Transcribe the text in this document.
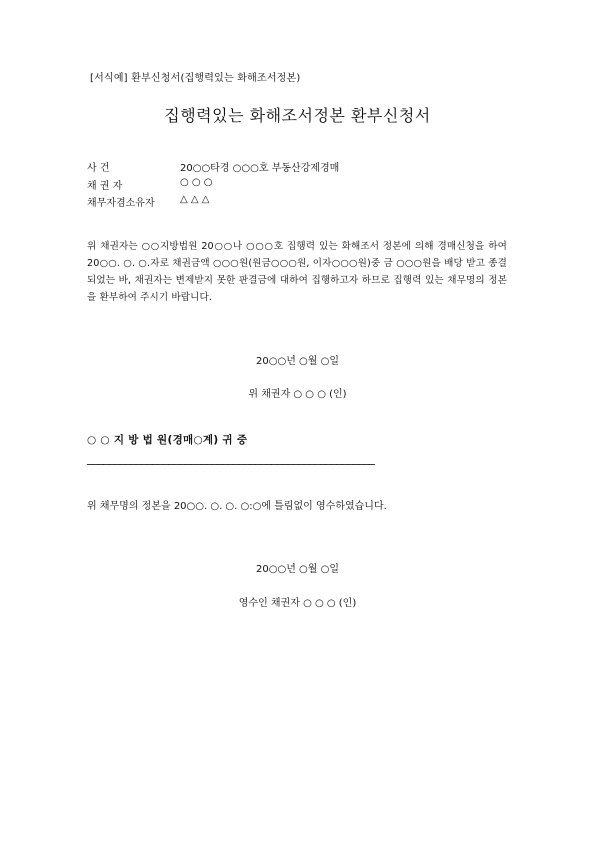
[서식예] 환부신청서(집행력있는 화해조서정본)
집행력있는 화해조서정본 환부신청서
사 건	20○○타경 ○○○호 부동산강제경매
채 권 자	○ ○ ○
채무자겸소유자	△ △ △
위 채권자는 ○○지방법원 20○○나 ○○○호 집행력 있는 화해조서 정본에 의해 경매신청을 하여 20○○. ○. ○.자로 채권금액 ○○○원(원금○○○원, 이자○○○원)중 금 ○○○원을 배당 받고 종결되었는 바, 채권자는 변제받지 못한 판결금에 대하여 집행하고자 하므로 집행력 있는 채무명의 정본을 환부하여 주시기 바랍니다.
20○○년 ○월 ○일
위 채권자 ○ ○ ○ (인)
○ ○ 지 방 법 원(경매○계) 귀 중
─────────────────────────────────────────────────────
위 채무명의 정본을 20○○. ○. ○. ○:○에 틀림없이 영수하였습니다.
20○○년 ○월 ○일
영수인 채권자 ○ ○ ○ (인)
